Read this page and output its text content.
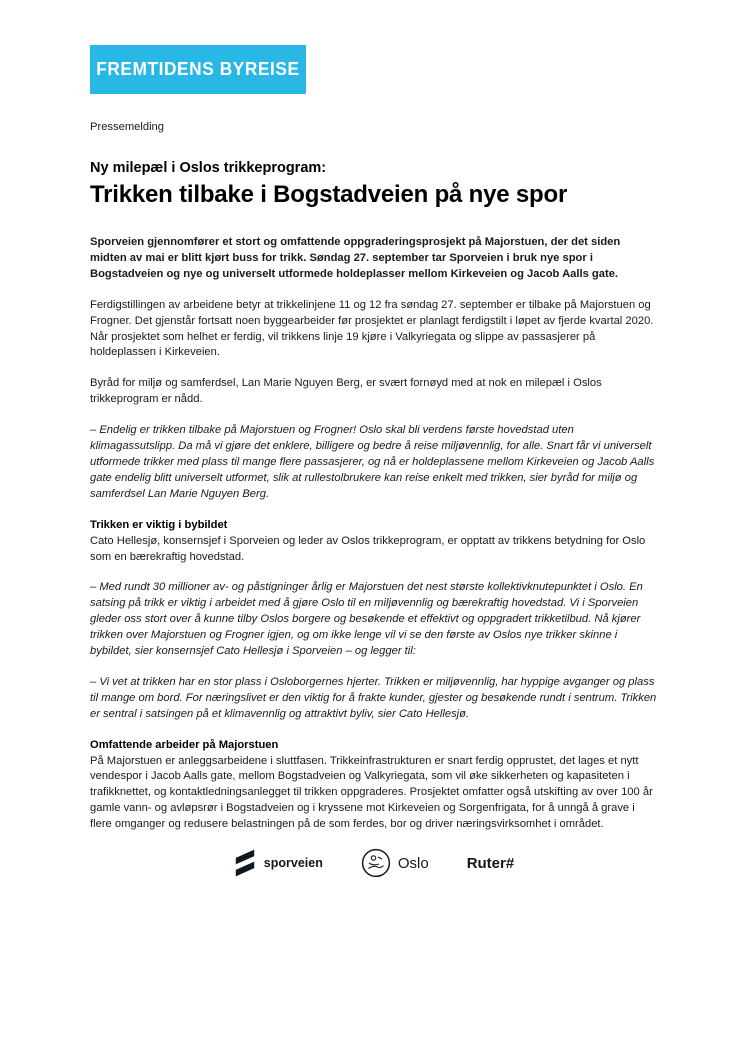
FREMTIDENS BYREISE

Pressemelding

Ny milepæl i Oslos trikkeprogram:
Trikken tilbake i Bogstadveien på nye spor

Sporveien gjennomfører et stort og omfattende oppgraderingsprosjekt på Majorstuen, der det siden midten av mai er blitt kjørt buss for trikk. Søndag 27. september tar Sporveien i bruk nye spor i Bogstadveien og nye og universelt utformede holdeplasser mellom Kirkeveien og Jacob Aalls gate.

Ferdigstillingen av arbeidene betyr at trikkelinjene 11 og 12 fra søndag 27. september er tilbake på Majorstuen og Frogner. Det gjenstår fortsatt noen byggearbeider før prosjektet er planlagt ferdigstilt i løpet av fjerde kvartal 2020. Når prosjektet som helhet er ferdig, vil trikkens linje 19 kjøre i Valkyriegata og slippe av passasjerer på holdeplassen i Kirkeveien.

Byråd for miljø og samferdsel, Lan Marie Nguyen Berg, er svært fornøyd med at nok en milepæl i Oslos trikkeprogram er nådd.

– Endelig er trikken tilbake på Majorstuen og Frogner! Oslo skal bli verdens første hovedstad uten klimagassutslipp. Da må vi gjøre det enklere, billigere og bedre å reise miljøvennlig, for alle. Snart får vi universelt utformede trikker med plass til mange flere passasjerer, og nå er holdeplassene mellom Kirkeveien og Jacob Aalls gate endelig blitt universelt utformet, slik at rullestolbrukere kan reise enkelt med trikken, sier byråd for miljø og samferdsel Lan Marie Nguyen Berg.

Trikken er viktig i bybildet

Cato Hellesjø, konsernsjef i Sporveien og leder av Oslos trikkeprogram, er opptatt av trikkens betydning for Oslo som en bærekraftig hovedstad.

– Med rundt 30 millioner av- og påstigninger årlig er Majorstuen det nest største kollektivknutepunktet i Oslo. En satsing på trikk er viktig i arbeidet med å gjøre Oslo til en miljøvennlig og bærekraftig hovedstad. Vi i Sporveien gleder oss stort over å kunne tilby Oslos borgere og besøkende et effektivt og oppgradert trikketilbud. Nå kjører trikken over Majorstuen og Frogner igjen, og om ikke lenge vil vi se den første av Oslos nye trikker skinne i bybildet, sier konsernsjef Cato Hellesjø i Sporveien – og legger til:

– Vi vet at trikken har en stor plass i Osloborgernes hjerter. Trikken er miljøvennlig, har hyppige avganger og plass til mange om bord. For næringslivet er den viktig for å frakte kunder, gjester og besøkende rundt i sentrum. Trikken er sentral i satsingen på et klimavennlig og attraktivt byliv, sier Cato Hellesjø.

Omfattende arbeider på Majorstuen

På Majorstuen er anleggsarbeidene i sluttfasen. Trikkeinfrastrukturen er snart ferdig opprustet, det lages et nytt vendespor i Jacob Aalls gate, mellom Bogstadveien og Valkyriegata, som vil øke sikkerheten og kapasiteten i trafikknettet, og kontaktledningsanlegget til trikken oppgraderes. Prosjektet omfatter også utskifting av over 100 år gamle vann- og avløpsrør i Bogstadveien og i kryssene mot Kirkeveien og Sorgenfrigata, for å unngå å grave i flere omganger og redusere belastningen på de som ferdes, bor og driver næringsvirksomhet i området.

sporveien	Oslo	Ruter#
